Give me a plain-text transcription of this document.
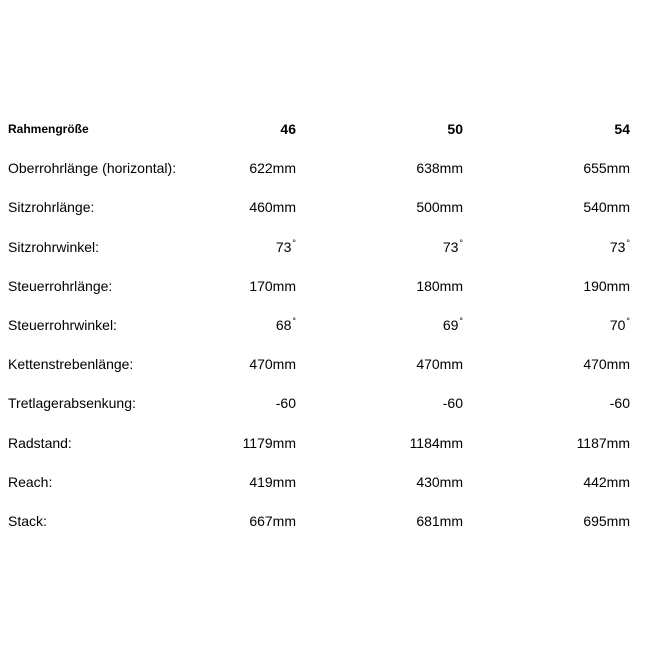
Rahmengröße	46	50	54
Oberrohrlänge (horizontal):	622mm	638mm	655mm
Sitzrohrlänge:	460mm	500mm	540mm
Sitzrohrwinkel:	73°	73°	73°
Steuerrohrlänge:	170mm	180mm	190mm
Steuerrohrwinkel:	68°	69°	70°
Kettenstrebenlänge:	470mm	470mm	470mm
Tretlagerabsenkung:	-60	-60	-60
Radstand:	1179mm	1184mm	1187mm
Reach:	419mm	430mm	442mm
Stack:	667mm	681mm	695mm
